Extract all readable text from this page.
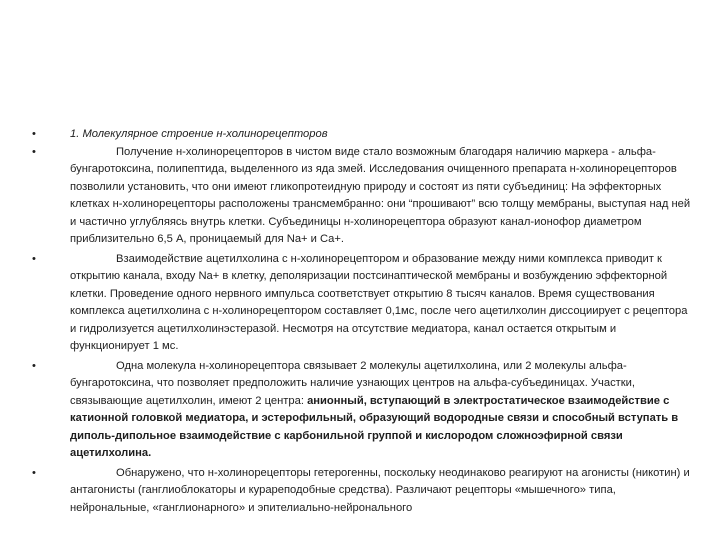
•	1. Молекулярное строение н-холинорецепторов
•	Получение н-холинорецепторов в чистом виде стало возможным благодаря наличию маркера - альфа-бунгаротоксина, полипептида, выделенного из яда змей. Исследования очищенного препарата н-холинорецепторов позволили установить, что они имеют гликопротеидную природу и состоят из пяти субъединиц: На эффекторных клетках н-холинорецепторы расположены трансмембранно: они “прошивают” всю толщу мембраны, выступая над ней и частично углубляясь внутрь клетки. Субъединицы н-холинорецептора образуют канал-ионофор диаметром приблизительно 6,5 А, проницаемый для Na+ и Ca+.
•	Взаимодействие ацетилхолина с н-холинорецептором и образование между ними комплекса приводит к открытию канала, входу Na+ в клетку, деполяризации постсинаптической мембраны и возбуждению эффекторной клетки. Проведение одного нервного импульса соответствует открытию 8 тысяч каналов. Время существования комплекса ацетилхолина с н-холинорецептором составляет 0,1мс, после чего ацетилхолин диссоциирует с рецептора и гидролизуется ацетилхолинэстеразой. Несмотря на отсутствие медиатора, канал остается открытым и функционирует 1 мс.
•	Одна молекула н-холинорецептора связывает 2 молекулы ацетилхолина, или 2 молекулы альфа-бунгаротоксина, что позволяет предположить наличие узнающих центров на альфа-субъединицах. Участки, связывающие ацетилхолин, имеют 2 центра: анионный, вступающий в электростатическое взаимодействие с катионной головкой медиатора, и эстерофильный, образующий водородные связи и способный вступать в диполь-дипольное взаимодействие с карбонильной группой и кислородом сложноэфирной связи ацетилхолина.
•	Обнаружено, что н-холинорецепторы гетерогенны, поскольку неодинаково реагируют на агонисты (никотин) и антагонисты (ганглиоблокаторы и курареподобные средства). Различают рецепторы «мышечного» типа, нейрональные, «ганглионарного» и эпителиально-нейронального
